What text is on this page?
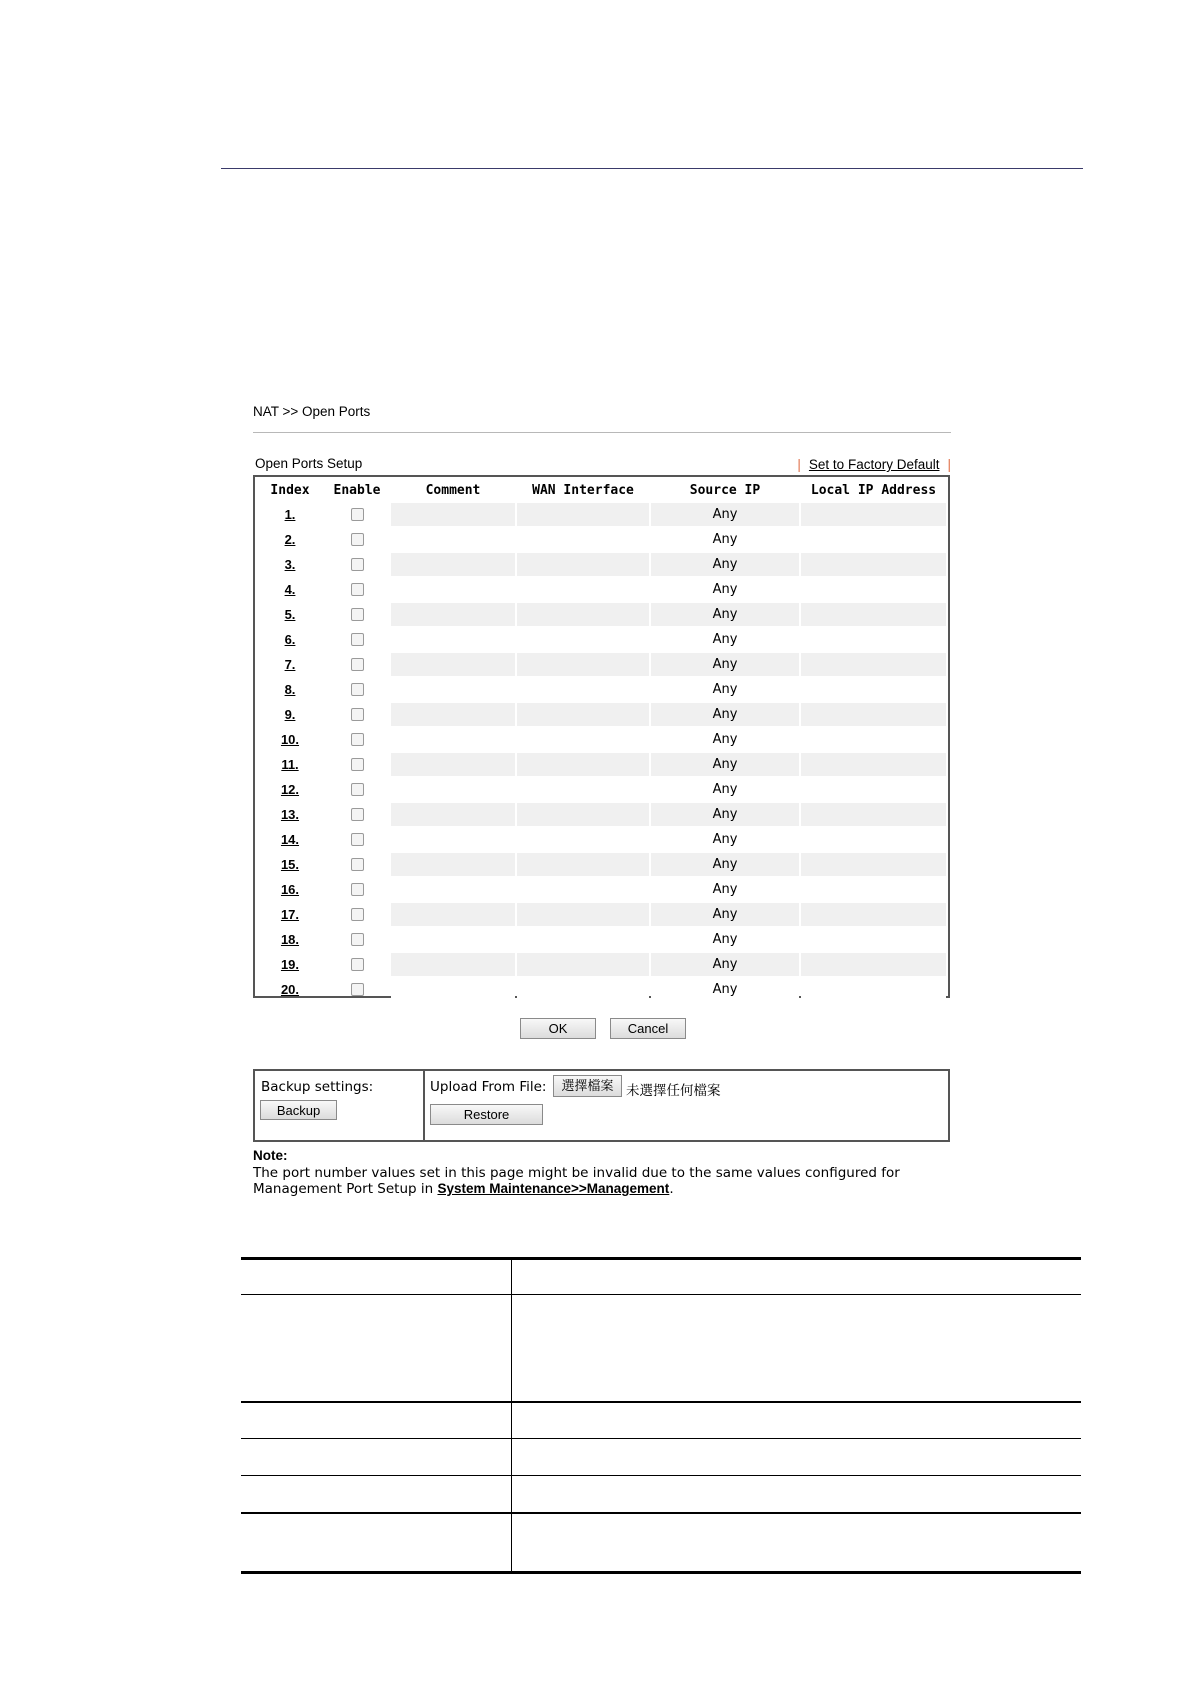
NAT >> Open Ports
Open Ports Setup	| Set to Factory Default |
Index	Enable	Comment	WAN Interface	Source IP	Local IP Address
1.				Any	
2.				Any	
3.				Any	
4.				Any	
5.				Any	
6.				Any	
7.				Any	
8.				Any	
9.				Any	
10.				Any	
11.				Any	
12.				Any	
13.				Any	
14.				Any	
15.				Any	
16.				Any	
17.				Any	
18.				Any	
19.				Any	
20.				Any	
OK	Cancel
Backup settings:
Backup
Upload From File:	選擇檔案 未選擇任何檔案
Restore
Note:
The port number values set in this page might be invalid due to the same values configured for Management Port Setup in System Maintenance>>Management.
